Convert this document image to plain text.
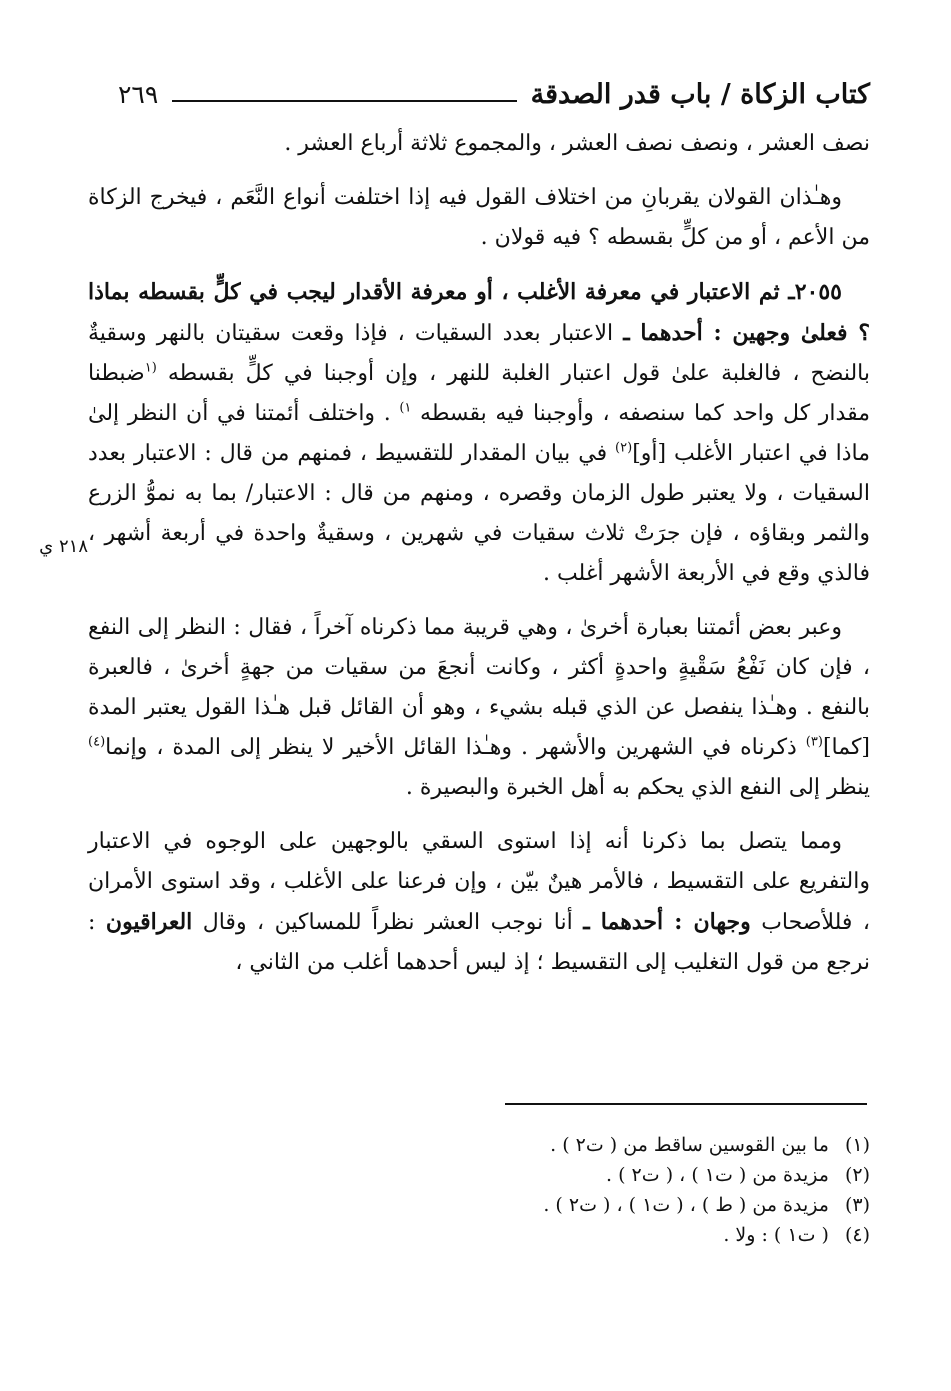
كتاب الزكاة / باب قدر الصدقة
٢٦٩
٢١٨ ي

نصف العشر ، ونصف نصف العشر ، والمجموع ثلاثة أرباع العشر .

وهـٰذان القولان يقربانِ من اختلاف القول فيه إذا اختلفت أنواع النَّعَم ، فيخرج الزكاة من الأعم ، أو من كلٍّ بقسطه ؟ فيه قولان .

٢٠٥٥ـ ثم الاعتبار في معرفة الأغلب ، أو معرفة الأقدار ليجب في كلٍّ بقسطه بماذا ؟ فعلىٰ وجهين : أحدهما ـ الاعتبار بعدد السقيات ، فإذا وقعت سقيتان بالنهر وسقيةٌ بالنضح ، فالغلبة علىٰ قول اعتبار الغلبة للنهر ، وإن أوجبنا في كلٍّ بقسطه $^{(١}$ضبطنا مقدار كل واحد كما سنصفه ، وأوجبنا فيه بقسطه $^{١)}$ . واختلف أئمتنا في أن النظر إلىٰ ماذا في اعتبار الأغلب [أو]$^{(٢)}$ في بيان المقدار للتقسيط ، فمنهم من قال : الاعتبار بعدد السقيات ، ولا يعتبر طول الزمان وقصره ، ومنهم من قال : الاعتبار/ بما به نموُّ الزرع والثمر وبقاؤه ، فإن جرَتْ ثلاث سقيات في شهرين ، وسقيةٌ واحدة في أربعة أشهر ، فالذي وقع في الأربعة الأشهر أغلب .

وعبر بعض أئمتنا بعبارة أخرىٰ ، وهي قريبة مما ذكرناه آخراً ، فقال : النظر إلى النفع ، فإن كان نَفْعُ سَقْيةٍ واحدةٍ أكثر ، وكانت أنجعَ من سقيات من جهةٍ أخرىٰ ، فالعبرة بالنفع . وهـٰذا ينفصل عن الذي قبله بشيء ، وهو أن القائل قبل هـٰذا القول يعتبر المدة [كما]$^{(٣)}$ ذكرناه في الشهرين والأشهر . وهـٰذا القائل الأخير لا ينظر إلى المدة ، وإنما$^{(٤)}$ ينظر إلى النفع الذي يحكم به أهل الخبرة والبصيرة .

ومما يتصل بما ذكرنا أنه إذا استوى السقي بالوجهين على الوجوه في الاعتبار والتفريع على التقسيط ، فالأمر هينٌ بيّن ، وإن فرعنا على الأغلب ، وقد استوى الأمران ، فللأصحاب وجهان : أحدهما ـ أنا نوجب العشر نظراً للمساكين ، وقال العراقيون : نرجع من قول التغليب إلى التقسيط ؛ إذ ليس أحدهما أغلب من الثاني ،

(١)
ما بين القوسين ساقط من ( ت٢ ) .
(٢)
مزيدة من ( ت١ ) ، ( ت٢ ) .
(٣)
مزيدة من ( ط ) ، ( ت١ ) ، ( ت٢ ) .
(٤)
( ت١ ) : ولا .
